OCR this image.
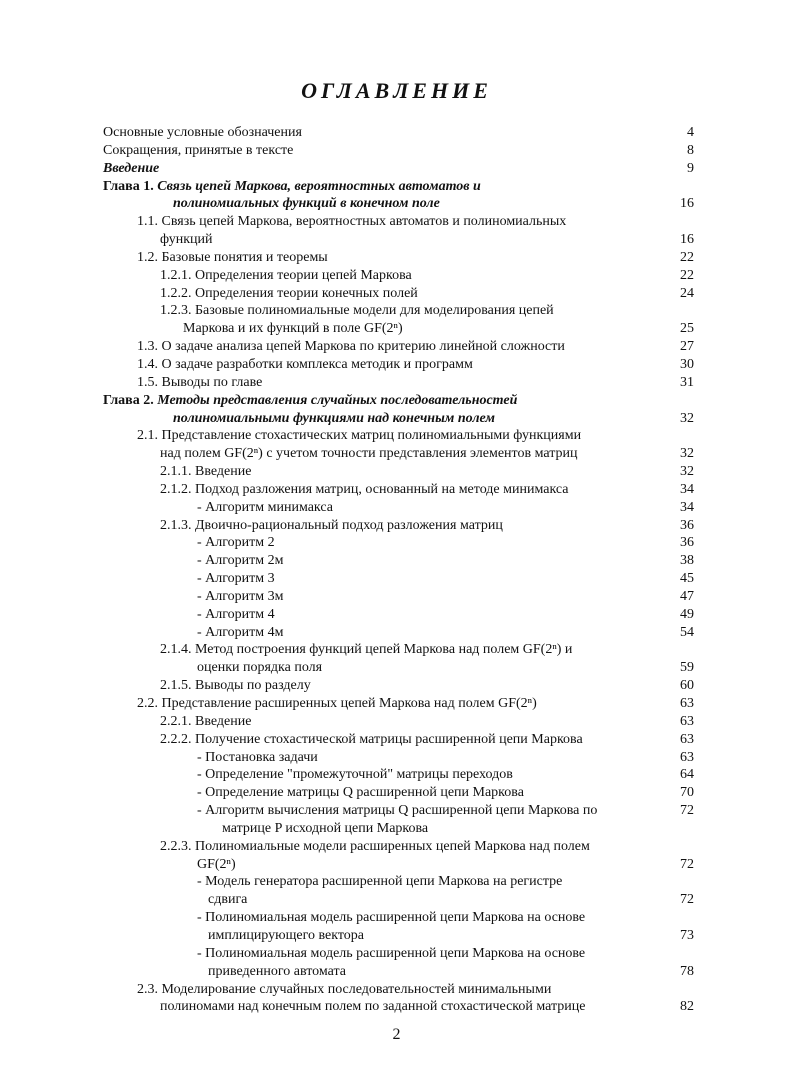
ОГЛАВЛЕНИЕ
Основные условные обозначения	4
Сокращения, принятые в тексте	8
Введение	9
Глава 1. Связь цепей Маркова, вероятностных автоматов и
полиномиальных функций в конечном поле	16
1.1. Связь цепей Маркова, вероятностных автоматов и полиномиальных
функций	16
1.2. Базовые понятия и теоремы	22
1.2.1. Определения теории цепей Маркова	22
1.2.2. Определения теории конечных полей	24
1.2.3. Базовые полиномиальные модели для моделирования цепей
Маркова и их функций в поле GF(2ⁿ)	25
1.3. О задаче анализа цепей Маркова по критерию линейной сложности	27
1.4. О задаче разработки комплекса методик и программ	30
1.5. Выводы по главе	31
Глава 2. Методы представления случайных последовательностей
полиномиальными функциями над конечным полем	32
2.1. Представление стохастических матриц полиномиальными функциями
над полем GF(2ⁿ) с учетом точности представления элементов матриц	32
2.1.1. Введение	32
2.1.2. Подход разложения матриц, основанный на методе минимакса	34
- Алгоритм минимакса	34
2.1.3. Двоично-рациональный подход разложения матриц	36
- Алгоритм 2	36
- Алгоритм 2м	38
- Алгоритм 3	45
- Алгоритм 3м	47
- Алгоритм 4	49
- Алгоритм 4м	54
2.1.4. Метод построения функций цепей Маркова над полем GF(2ⁿ) и
оценки порядка поля	59
2.1.5. Выводы по разделу	60
2.2. Представление расширенных цепей Маркова над полем GF(2ⁿ)	63
2.2.1. Введение	63
2.2.2. Получение стохастической матрицы расширенной цепи Маркова	63
- Постановка задачи	63
- Определение "промежуточной" матрицы переходов	64
- Определение матрицы Q расширенной цепи Маркова	70
- Алгоритм вычисления матрицы Q расширенной цепи Маркова по	72
матрице P исходной цепи Маркова
2.2.3. Полиномиальные модели расширенных цепей Маркова над полем
GF(2ⁿ)	72
- Модель генератора расширенной цепи Маркова на регистре
сдвига	72
- Полиномиальная модель расширенной цепи Маркова на основе
имплицирующего вектора	73
- Полиномиальная модель расширенной цепи Маркова на основе
приведенного автомата	78
2.3. Моделирование случайных последовательностей минимальными
полиномами над конечным полем по заданной стохастической матрице	82
2
